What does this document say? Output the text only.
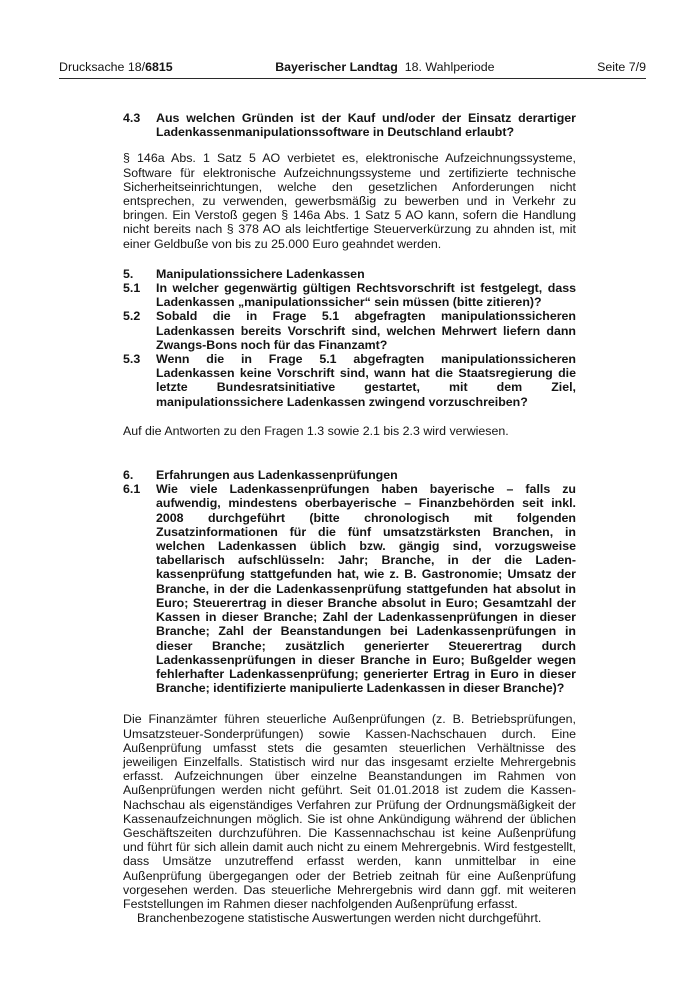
Drucksache 18/6815	Bayerischer Landtag 18. Wahlperiode	Seite 7/9
4.3 Aus welchen Gründen ist der Kauf und/oder der Einsatz derartiger Ladenkassenmanipulationssoftware in Deutschland erlaubt?

§ 146a Abs. 1 Satz 5 AO verbietet es, elektronische Aufzeichnungssysteme, Software für elektronische Aufzeichnungssysteme und zertifizierte technische Sicherheitseinrichtungen, welche den gesetzlichen Anforderungen nicht entsprechen, zu verwenden, gewerbsmäßig zu bewerben und in Verkehr zu bringen. Ein Verstoß gegen § 146a Abs. 1 Satz 5 AO kann, sofern die Handlung nicht bereits nach § 378 AO als leichtfertige Steuerverkürzung zu ahnden ist, mit einer Geldbuße von bis zu 25.000 Euro geahndet werden.

5. Manipulationssichere Ladenkassen
5.1 In welcher gegenwärtig gültigen Rechtsvorschrift ist festgelegt, dass Ladenkassen „manipulationssicher“ sein müssen (bitte zitieren)?
5.2 Sobald die in Frage 5.1 abgefragten manipulationssicheren Ladenkassen bereits Vorschrift sind, welchen Mehrwert liefern dann Zwangs-Bons noch für das Finanzamt?
5.3 Wenn die in Frage 5.1 abgefragten manipulationssicheren Ladenkassen keine Vorschrift sind, wann hat die Staatsregierung die letzte Bundesratsinitiative gestartet, mit dem Ziel, manipulationssichere Ladenkassen zwingend vorzuschreiben?

Auf die Antworten zu den Fragen 1.3 sowie 2.1 bis 2.3 wird verwiesen.

6. Erfahrungen aus Ladenkassenprüfungen
6.1 Wie viele Ladenkassenprüfungen haben bayerische – falls zu aufwendig, mindestens oberbayerische – Finanzbehörden seit inkl. 2008 durchgeführt (bitte chronologisch mit folgenden Zusatzinformationen für die fünf umsatzstärksten Branchen, in welchen Ladenkassen üblich bzw. gängig sind, vorzugsweise tabellarisch aufschlüsseln: Jahr; Branche, in der die Ladenkassenprüfung stattgefunden hat, wie z. B. Gastronomie; Umsatz der Branche, in der die Ladenkassenprüfung stattgefunden hat absolut in Euro; Steuerertrag in dieser Branche absolut in Euro; Gesamtzahl der Kassen in dieser Branche; Zahl der Ladenkassenprüfungen in dieser Branche; Zahl der Beanstandungen bei Ladenkassenprüfungen in dieser Branche; zusätzlich generierter Steuerertrag durch Ladenkassenprüfungen in dieser Branche in Euro; Bußgelder wegen fehlerhafter Ladenkassenprüfung; generierter Ertrag in Euro in dieser Branche; identifizierte manipulierte Ladenkassen in dieser Branche)?

Die Finanzämter führen steuerliche Außenprüfungen (z. B. Betriebsprüfungen, Umsatzsteuer-Sonderprüfungen) sowie Kassen-Nachschauen durch. Eine Außenprüfung umfasst stets die gesamten steuerlichen Verhältnisse des jeweiligen Einzelfalls. Statistisch wird nur das insgesamt erzielte Mehrergebnis erfasst. Aufzeichnungen über einzelne Beanstandungen im Rahmen von Außenprüfungen werden nicht geführt. Seit 01.01.2018 ist zudem die Kassen-Nachschau als eigenständiges Verfahren zur Prüfung der Ordnungsmäßigkeit der Kassenaufzeichnungen möglich. Sie ist ohne Ankündigung während der üblichen Geschäftszeiten durchzuführen. Die Kassennachschau ist keine Außenprüfung und führt für sich allein damit auch nicht zu einem Mehrergebnis. Wird festgestellt, dass Umsätze unzutreffend erfasst werden, kann unmittelbar in eine Außenprüfung übergegangen oder der Betrieb zeitnah für eine Außenprüfung vorgesehen werden. Das steuerliche Mehrergebnis wird dann ggf. mit weiteren Feststellungen im Rahmen dieser nachfolgenden Außenprüfung erfasst.

Branchenbezogene statistische Auswertungen werden nicht durchgeführt.
